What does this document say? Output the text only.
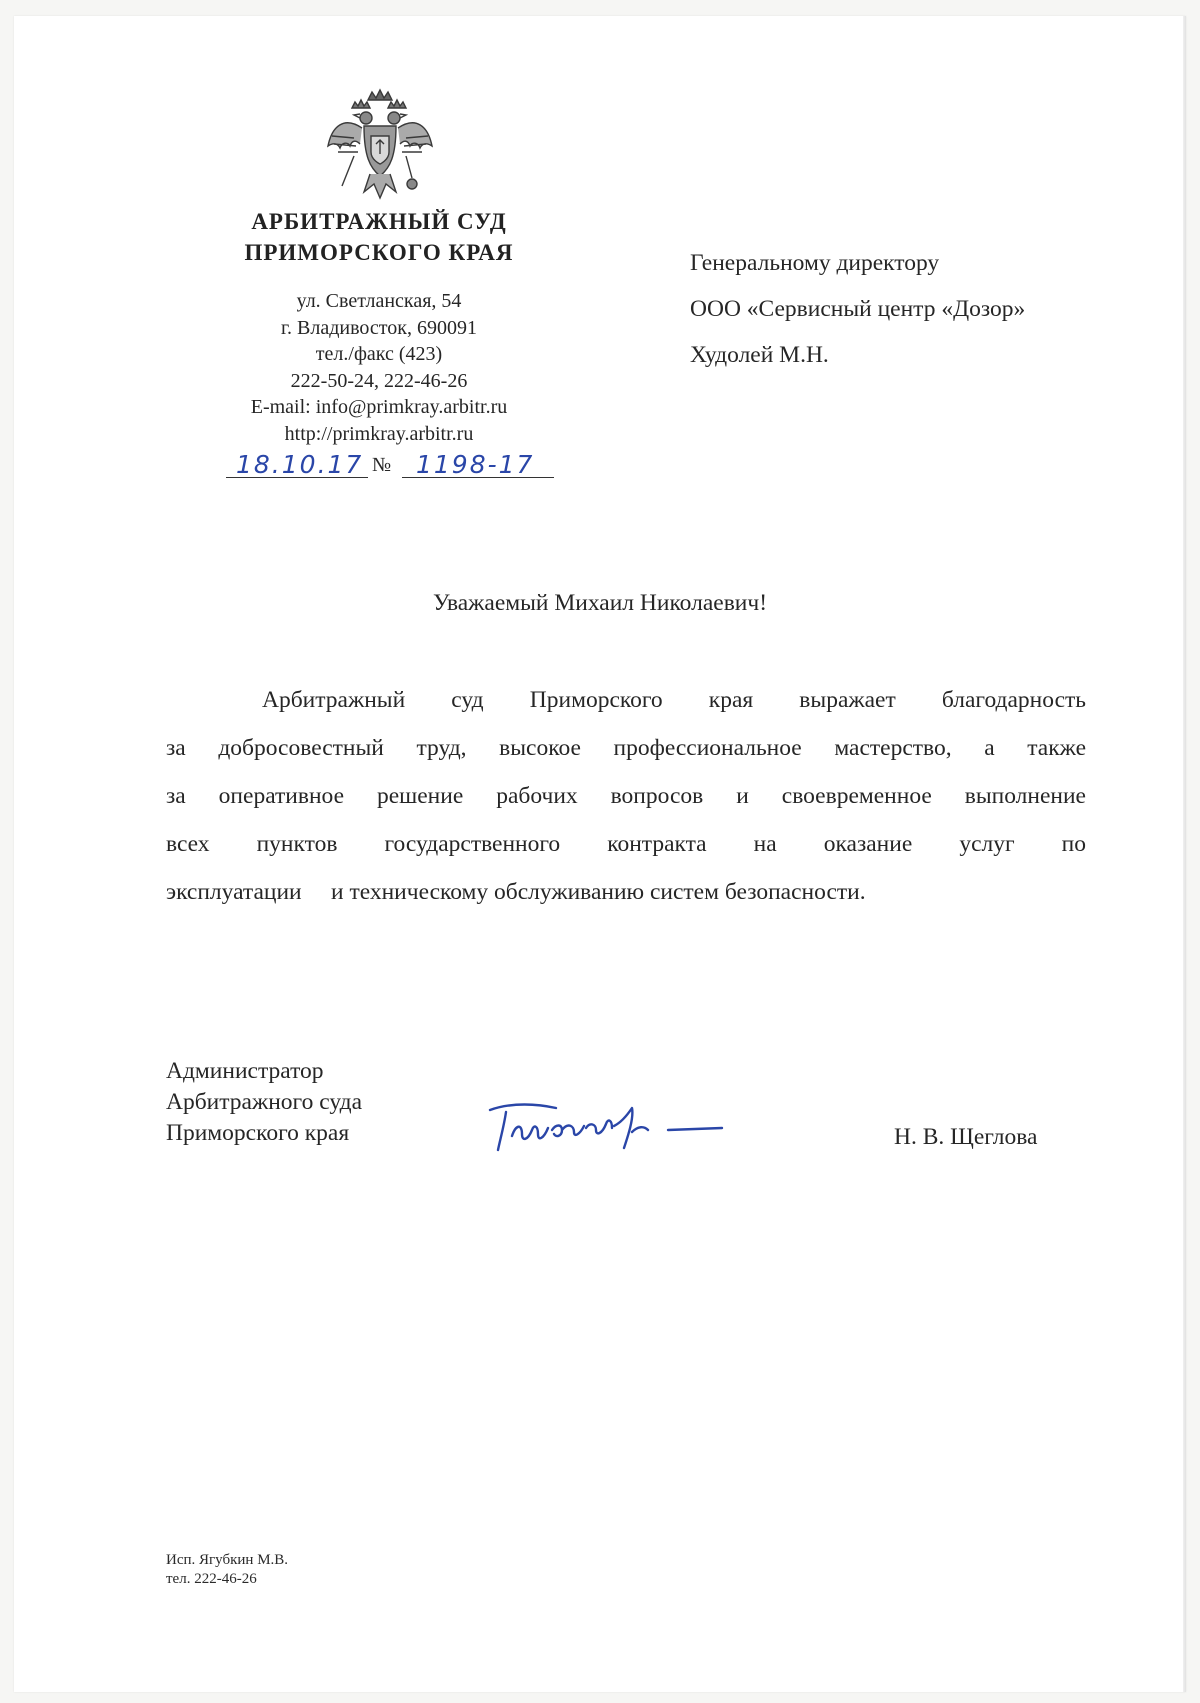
АРБИТРАЖНЫЙ СУД
ПРИМОРСКОГО КРАЯ
ул. Светланская, 54
г. Владивосток, 690091
тел./факс (423)
222-50-24, 222-46-26
E-mail: info@primkray.arbitr.ru
http://primkray.arbitr.ru
18.10.17 № 1198-17
Генеральному директору
ООО «Сервисный центр «Дозор»
Худолей М.Н.
Уважаемый Михаил Николаевич!
Арбитражный суд Приморского края выражает благодарность
за добросовестный труд, высокое профессиональное мастерство, а также
за оперативное решение рабочих вопросов и своевременное выполнение
всех пунктов государственного контракта на оказание услуг по
эксплуатации     и техническому обслуживанию систем безопасности.
Администратор
Арбитражного суда
Приморского края	Н. В. Щеглова
Исп. Ягубкин М.В.
тел. 222-46-26
